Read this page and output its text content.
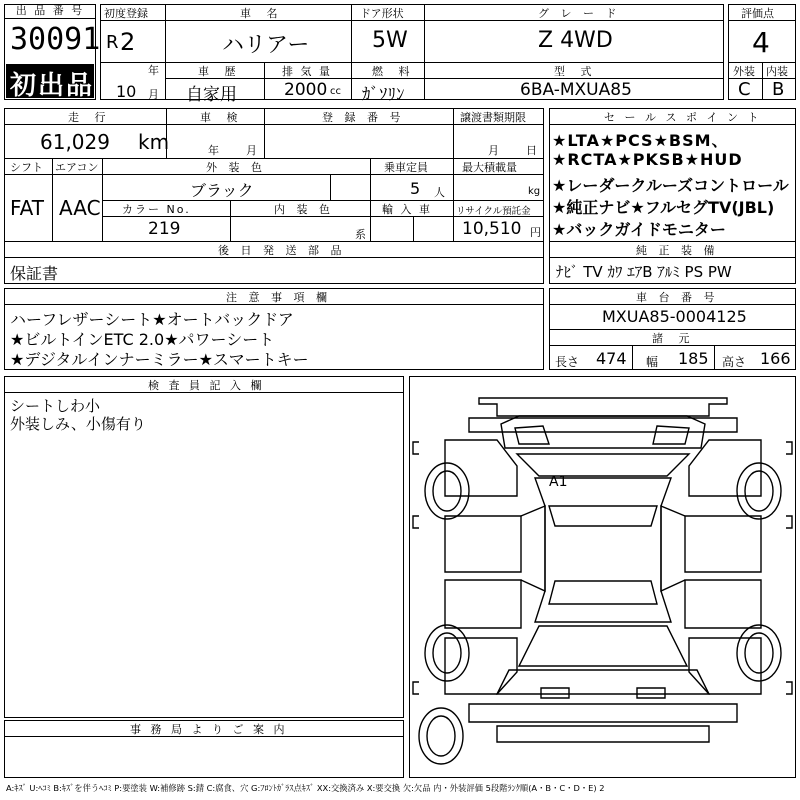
出 品 番 号
30091
初出品
初度登録
R 2
年
10 月
車 名
ハリアー
ドア形状
5W
グ レ ー ド
Z 4WD
車 歴
自家用
排 気 量
2000 cc
燃 料
ｶﾞｿﾘﾝ
型 式
6BA-MXUA85
評価点
4
外装 内装
C B
走 行
61,029 km
車 検
年 月
登 録 番 号	譲渡書類期限
月 日
シフト エアコン
FAT AAC
外 装 色
ブラック
乗車定員
5 人
最大積載量
kg
カラー No.
219
内 装 色
系
輸 入 車	リサイクル預託金
10,510 円
後 日 発 送 部 品
保証書
セ ー ル ス ポ イ ン ト
★LTA★PCS★BSM、
★RCTA★PKSB★HUD
★レーダークルーズコントロール
★純正ナビ★フルセグTV(JBL)
★バックガイドモニター
純 正 装 備
ﾅﾋﾞ TV ｶﾜ ｴｱB ｱﾙﾐ PS PW
注 意 事 項 欄
ハーフレザーシート★オートバックドア
★ビルトインETC 2.0★パワーシート
★デジタルインナーミラー★スマートキー
車 台 番 号
MXUA85-0004125
諸 元
長さ 474 幅 185 高さ 166
検 査 員 記 入 欄
シートしわ小
外装しみ、小傷有り
事 務 局 よ り ご 案 内
A1
A:ｷｽﾞ U:ﾍｺﾐ B:ｷｽﾞを伴うﾍｺﾐ P:要塗装 W:補修跡 S:錆 C:腐食、穴 G:ﾌﾛﾝﾄｶﾞﾗｽ点ｷｽﾞ XX:交換済み X:要交換 欠:欠品 内・外装評価 5段階ﾗﾝｸ順(A・B・C・D・E) 2
